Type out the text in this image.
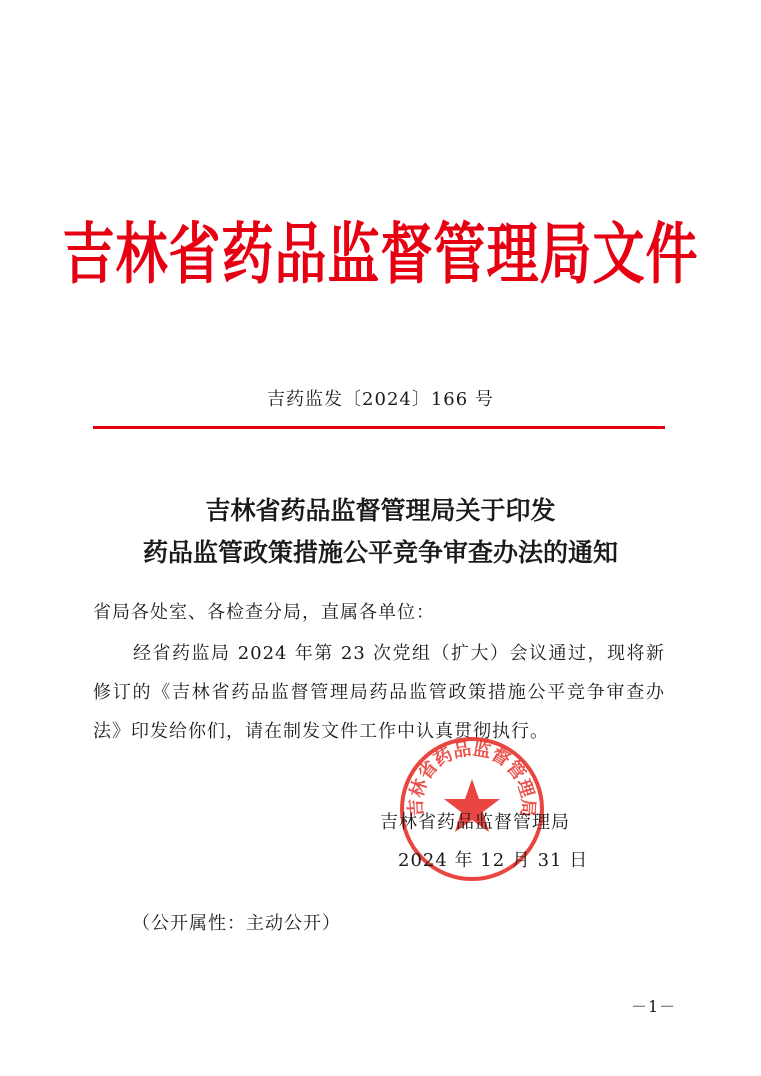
吉林省药品监督管理局文件
吉药监发〔2024〕166 号
吉林省药品监督管理局关于印发
药品监管政策措施公平竞争审查办法的通知
省局各处室、各检查分局，直属各单位：
经省药监局 2024 年第 23 次党组（扩大）会议通过，现将新修订的《吉林省药品监督管理局药品监管政策措施公平竞争审查办法》印发给你们，请在制发文件工作中认真贯彻执行。
吉林省药品监督管理局
吉林省药品监督管理局
2024 年 12 月 31 日
（公开属性：主动公开）
－1－
